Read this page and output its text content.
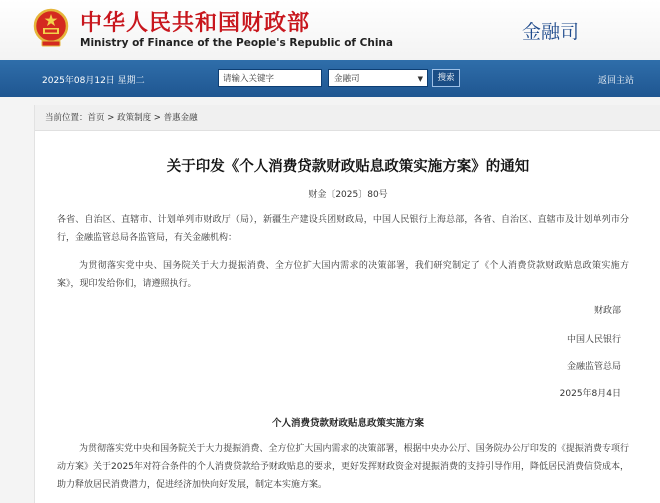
中华人民共和国财政部
Ministry of Finance of the People's Republic of China	金融司
2025年08月12日 星期二	请输入关键字	金融司	▼	搜索	返回主站
当前位置：首页 > 政策制度 > 普惠金融
关于印发《个人消费贷款财政贴息政策实施方案》的通知
财金〔2025〕80号
各省、自治区、直辖市、计划单列市财政厅（局），新疆生产建设兵团财政局，中国人民银行上海总部，各省、自治区、直辖市及计划单列市分行，金融监管总局各监管局，有关金融机构：
为贯彻落实党中央、国务院关于大力提振消费、全方位扩大国内需求的决策部署，我们研究制定了《个人消费贷款财政贴息政策实施方案》，现印发给你们，请遵照执行。
财政部
中国人民银行
金融监管总局
2025年8月4日
个人消费贷款财政贴息政策实施方案
为贯彻落实党中央和国务院关于大力提振消费、全方位扩大国内需求的决策部署，根据中央办公厅、国务院办公厅印发的《提振消费专项行动方案》关于2025年对符合条件的个人消费贷款给予财政贴息的要求，更好发挥财政资金对提振消费的支持引导作用，降低居民消费信贷成本，助力释放居民消费潜力，促进经济加快向好发展，制定本实施方案。
